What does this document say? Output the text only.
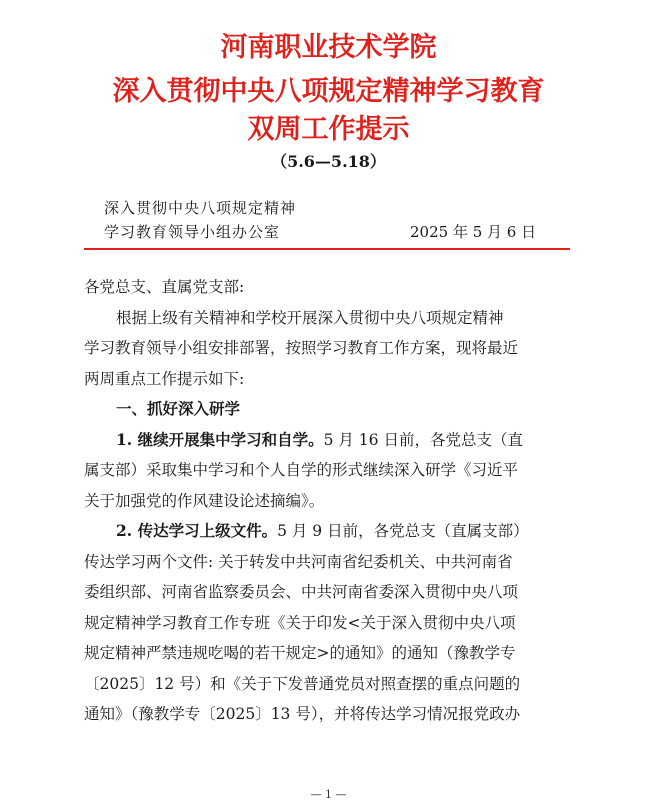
河南职业技术学院
深入贯彻中央八项规定精神学习教育
双周工作提示
（5.6—5.18）
深入贯彻中央八项规定精神
学习教育领导小组办公室	2025 年 5 月 6 日
各党总支、直属党支部:
根据上级有关精神和学校开展深入贯彻中央八项规定精神
学习教育领导小组安排部署，按照学习教育工作方案，现将最近
两周重点工作提示如下:
一、抓好深入研学
1. 继续开展集中学习和自学。5 月 16 日前，各党总支（直
属支部）采取集中学习和个人自学的形式继续深入研学《习近平
关于加强党的作风建设论述摘编》。
2. 传达学习上级文件。5 月 9 日前，各党总支（直属支部）
传达学习两个文件: 关于转发中共河南省纪委机关、中共河南省
委组织部、河南省监察委员会、中共河南省委深入贯彻中央八项
规定精神学习教育工作专班《关于印发<关于深入贯彻中央八项
规定精神严禁违规吃喝的若干规定>的通知》的通知（豫教学专
〔2025〕12 号）和《关于下发普通党员对照查摆的重点问题的
通知》（豫教学专〔2025〕13 号），并将传达学习情况报党政办
— 1 —
